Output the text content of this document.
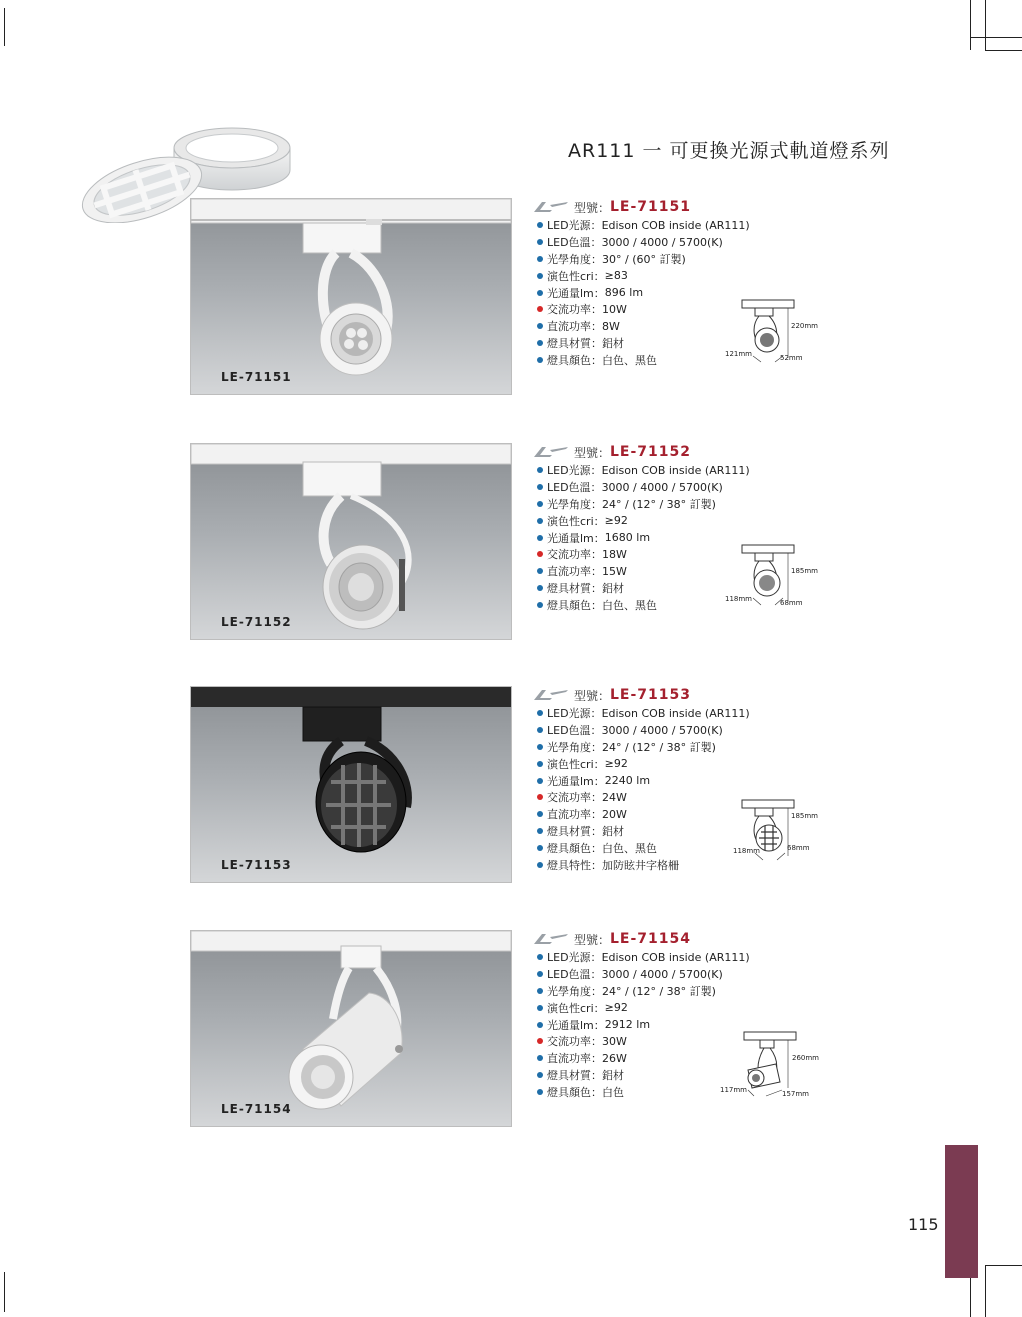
AR111 一 可更換光源式軌道燈系列
LE-71151
型號： LE-71151
LED光源： Edison COB inside (AR111)
LED色溫： 3000 / 4000 / 5700(K)
光學角度： 30° / (60° 訂製)
演色性cri： ≥83
光通量lm： 896 lm
交流功率： 10W
直流功率： 8W
燈具材質： 鋁材
燈具顏色： 白色、黑色
220mm
121mm	52mm
LE-71152
型號： LE-71152
LED光源： Edison COB inside (AR111)
LED色溫： 3000 / 4000 / 5700(K)
光學角度： 24° / (12° / 38° 訂製)
演色性cri： ≥92
光通量lm： 1680 lm
交流功率： 18W
直流功率： 15W
燈具材質： 鋁材
燈具顏色： 白色、黑色
185mm
118mm	68mm
LE-71153
型號： LE-71153
LED光源： Edison COB inside (AR111)
LED色溫： 3000 / 4000 / 5700(K)
光學角度： 24° / (12° / 38° 訂製)
演色性cri： ≥92
光通量lm： 2240 lm
交流功率： 24W
直流功率： 20W
燈具材質： 鋁材
燈具顏色： 白色、黑色
燈具特性： 加防眩井字格柵
185mm
118mm	68mm
LE-71154
型號： LE-71154
LED光源： Edison COB inside (AR111)
LED色溫： 3000 / 4000 / 5700(K)
光學角度： 24° / (12° / 38° 訂製)
演色性cri： ≥92
光通量lm： 2912 lm
交流功率： 30W
直流功率： 26W
燈具材質： 鋁材
燈具顏色： 白色
260mm
117mm	157mm
115
